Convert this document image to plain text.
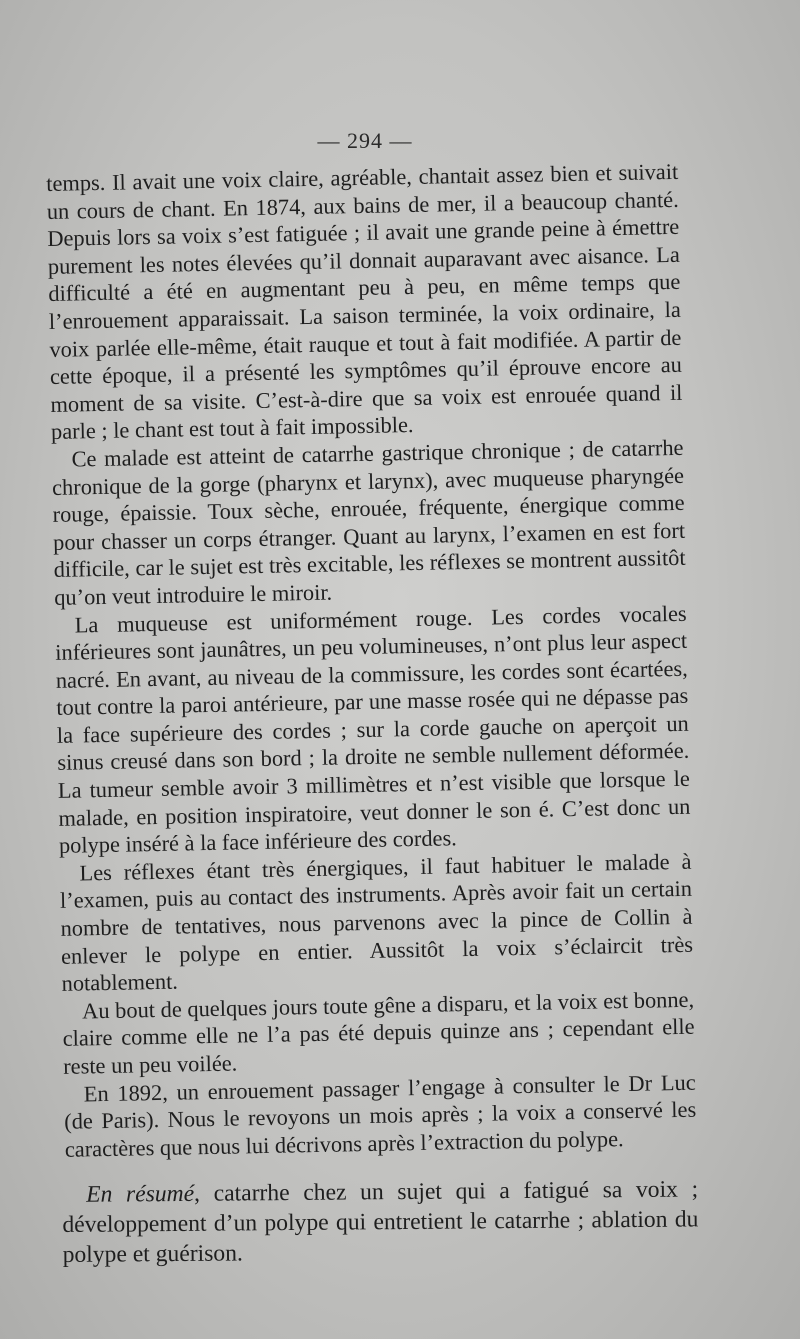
— 294 —

temps. Il avait une voix claire, agréable, chantait assez bien et suivait un cours de chant. En 1874, aux bains de mer, il a beaucoup chanté. Depuis lors sa voix s’est fatiguée ; il avait une grande peine à émettre purement les notes élevées qu’il donnait auparavant avec aisance. La difficulté a été en augmentant peu à peu, en même temps que l’enrouement apparaissait. La saison terminée, la voix ordinaire, la voix parlée elle-même, était rauque et tout à fait modifiée. A partir de cette époque, il a présenté les symptômes qu’il éprouve encore au moment de sa visite. C’est-à-dire que sa voix est enrouée quand il parle ; le chant est tout à fait impossible.

Ce malade est atteint de catarrhe gastrique chronique ; de catarrhe chronique de la gorge (pharynx et larynx), avec muqueuse pharyngée rouge, épaissie. Toux sèche, enrouée, fréquente, énergique comme pour chasser un corps étranger. Quant au larynx, l’examen en est fort difficile, car le sujet est très excitable, les réflexes se montrent aussitôt qu’on veut introduire le miroir.

La muqueuse est uniformément rouge. Les cordes vocales inférieures sont jaunâtres, un peu volumineuses, n’ont plus leur aspect nacré. En avant, au niveau de la commissure, les cordes sont écartées, tout contre la paroi antérieure, par une masse rosée qui ne dépasse pas la face supérieure des cordes ; sur la corde gauche on aperçoit un sinus creusé dans son bord ; la droite ne semble nullement déformée. La tumeur semble avoir 3 millimètres et n’est visible que lorsque le malade, en position inspiratoire, veut donner le son é. C’est donc un polype inséré à la face inférieure des cordes.

Les réflexes étant très énergiques, il faut habituer le malade à l’examen, puis au contact des instruments. Après avoir fait un certain nombre de tentatives, nous parvenons avec la pince de Collin à enlever le polype en entier. Aussitôt la voix s’éclaircit très notablement.

Au bout de quelques jours toute gêne a disparu, et la voix est bonne, claire comme elle ne l’a pas été depuis quinze ans ; cependant elle reste un peu voilée.

En 1892, un enrouement passager l’engage à consulter le Dr Luc (de Paris). Nous le revoyons un mois après ; la voix a conservé les caractères que nous lui décrivons après l’extraction du polype.

En résumé, catarrhe chez un sujet qui a fatigué sa voix ; développement d’un polype qui entretient le catarrhe ; ablation du polype et guérison.
